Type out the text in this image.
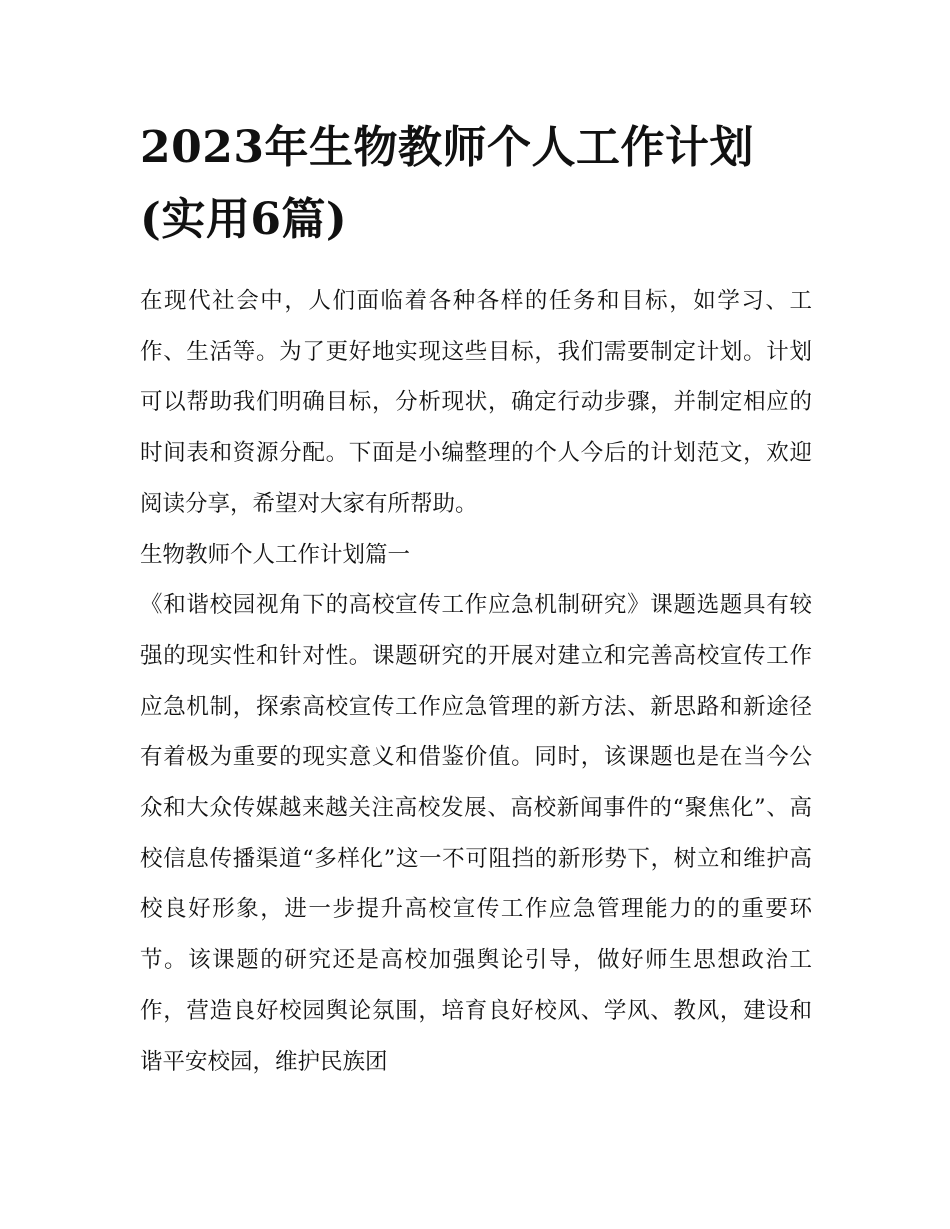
2023年生物教师个人工作计划(实用6篇)

在现代社会中，人们面临着各种各样的任务和目标，如学习、工作、生活等。为了更好地实现这些目标，我们需要制定计划。计划可以帮助我们明确目标，分析现状，确定行动步骤，并制定相应的时间表和资源分配。下面是小编整理的个人今后的计划范文，欢迎阅读分享，希望对大家有所帮助。

生物教师个人工作计划篇一

《和谐校园视角下的高校宣传工作应急机制研究》课题选题具有较强的现实性和针对性。课题研究的开展对建立和完善高校宣传工作应急机制，探索高校宣传工作应急管理的新方法、新思路和新途径有着极为重要的现实意义和借鉴价值。同时，该课题也是在当今公众和大众传媒越来越关注高校发展、高校新闻事件的“聚焦化”、高校信息传播渠道“多样化”这一不可阻挡的新形势下，树立和维护高校良好形象，进一步提升高校宣传工作应急管理能力的的重要环节。该课题的研究还是高校加强舆论引导，做好师生思想政治工作，营造良好校园舆论氛围，培育良好校风、学风、教风，建设和谐平安校园，维护民族团
